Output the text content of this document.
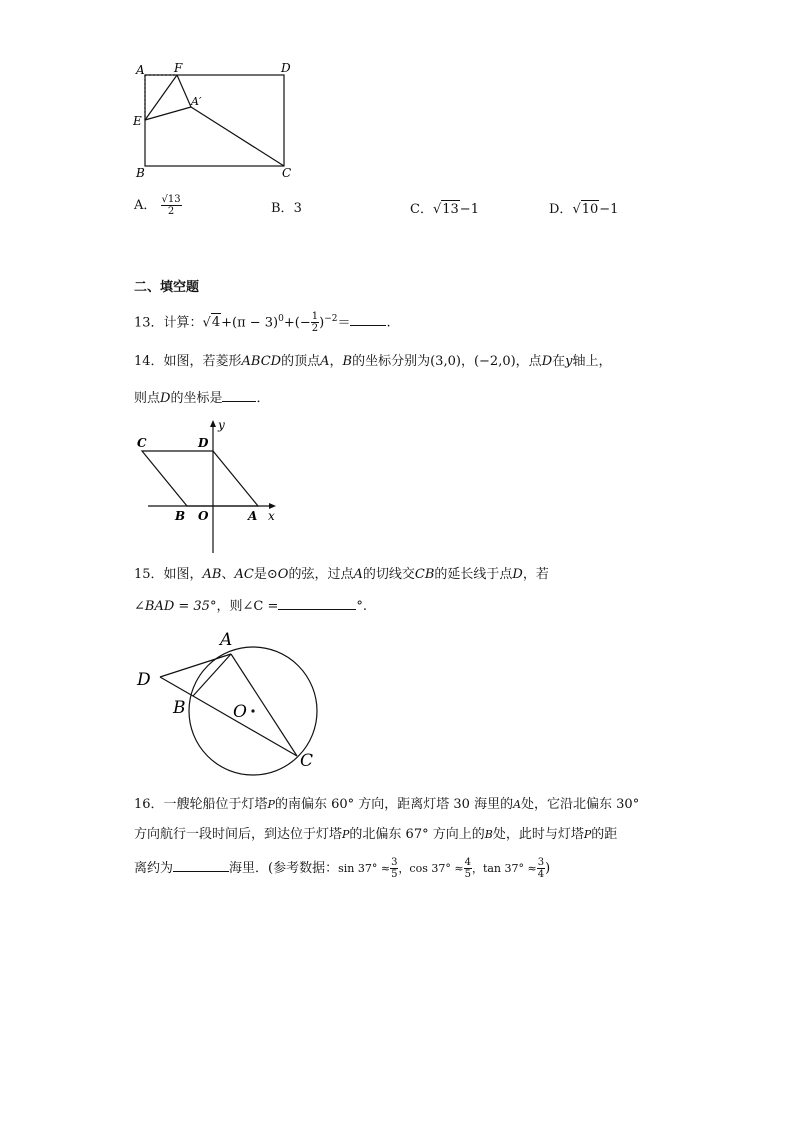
A F	D
A′
E
B	C
A． $\frac{√13}{2}$	B．3	C．√13−1	D．√10−1
二、填空题
13．计算：$√4+(\pi - 3)^0+(- \frac{1}{2} )^{-2}=$	.
14．如图，若菱形ABCD的顶点A，B的坐标分别为(3,0)，(−2,0)，点D在y轴上，
则点D的坐标是	．
C	D
y
B O	A x
15．如图，AB、AC是⊙O的弦，过点A的切线交CB的延长线于点D，若
∠BAD = 35°，则∠C =	°.
A
D
B	O
C
16．一艘轮船位于灯塔P的南偏东 60° 方向，距离灯塔 30 海里的A处，它沿北偏东 30°
方向航行一段时间后，到达位于灯塔P的北偏东 67° 方向上的B处，此时与灯塔P的距
离约为	海里．(参考数据：$\sin 37^\circ \approx \frac{3}{5}$ ，$\cos 37^\circ \approx \frac{4}{5}$ ，$\tan 37^\circ \approx \frac{3}{4}$ )
